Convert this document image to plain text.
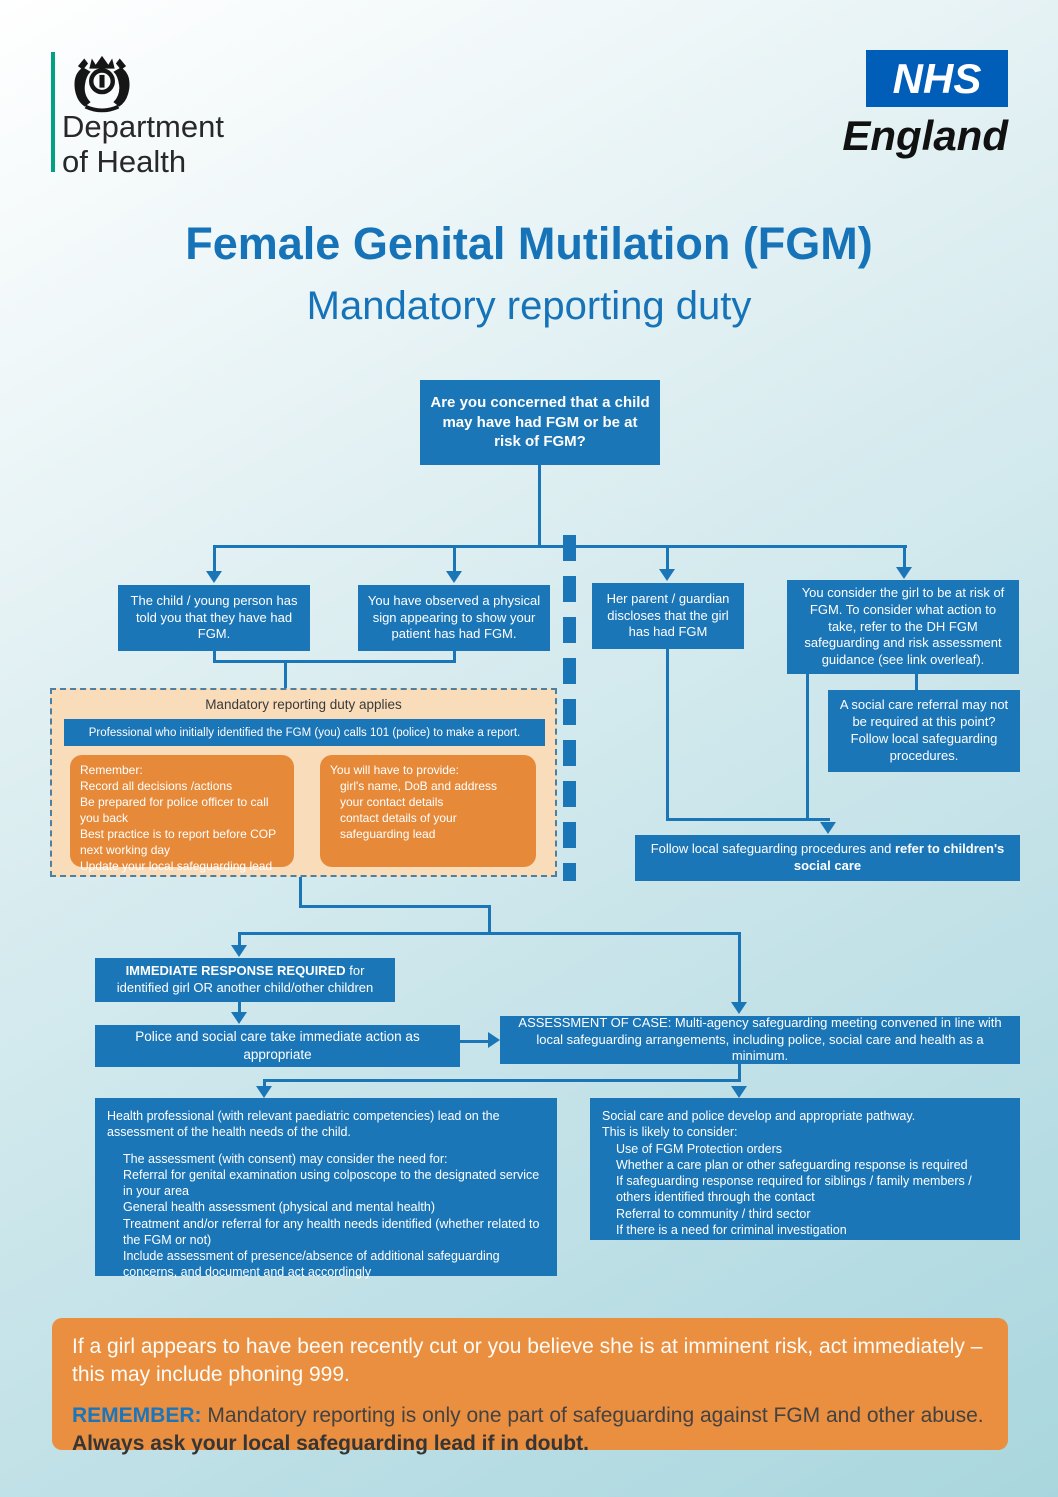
Department
of Health
NHS
England
Female Genital Mutilation (FGM)
Mandatory reporting duty
Are you concerned that a child may have had FGM or be at risk of FGM?
The child / young person has told you that they have had FGM.
You have observed a physical sign appearing to show your patient has had FGM.
Her parent / guardian discloses that the girl has had FGM
You consider the girl to be at risk of FGM. To consider what action to take, refer to the DH FGM safeguarding and risk assessment guidance (see link overleaf).
Mandatory reporting duty applies
Professional who initially identified the FGM (you) calls 101 (police) to make a report.
Remember:
Record all decisions /actions
Be prepared for police officer to call you back
Best practice is to report before COP next working day
Update your local safeguarding lead
You will have to provide:
girl's name, DoB and address
your contact details
contact details of your safeguarding lead
A social care referral may not be required at this point? Follow local safeguarding procedures.
Follow local safeguarding procedures and refer to children's social care
IMMEDIATE RESPONSE REQUIRED for identified girl OR another child/other children
Police and social care take immediate action as appropriate
ASSESSMENT OF CASE: Multi-agency safeguarding meeting convened in line with local safeguarding arrangements, including police, social care and health as a minimum.
Health professional (with relevant paediatric competencies) lead on the assessment of the health needs of the child.
The assessment (with consent) may consider the need for:
Referral for genital examination using colposcope to the designated service in your area
General health assessment (physical and mental health)
Treatment and/or referral for any health needs identified (whether related to the FGM or not)
Include assessment of presence/absence of additional safeguarding concerns, and document and act accordingly
Social care and police develop and appropriate pathway.
This is likely to consider:
Use of FGM Protection orders
Whether a care plan or other safeguarding response is required
If safeguarding response required for siblings / family members / others identified through the contact
Referral to community / third sector
If there is a need for criminal investigation
If a girl appears to have been recently cut or you believe she is at imminent risk, act immediately – this may include phoning 999.
REMEMBER: Mandatory reporting is only one part of safeguarding against FGM and other abuse.
Always ask your local safeguarding lead if in doubt.
